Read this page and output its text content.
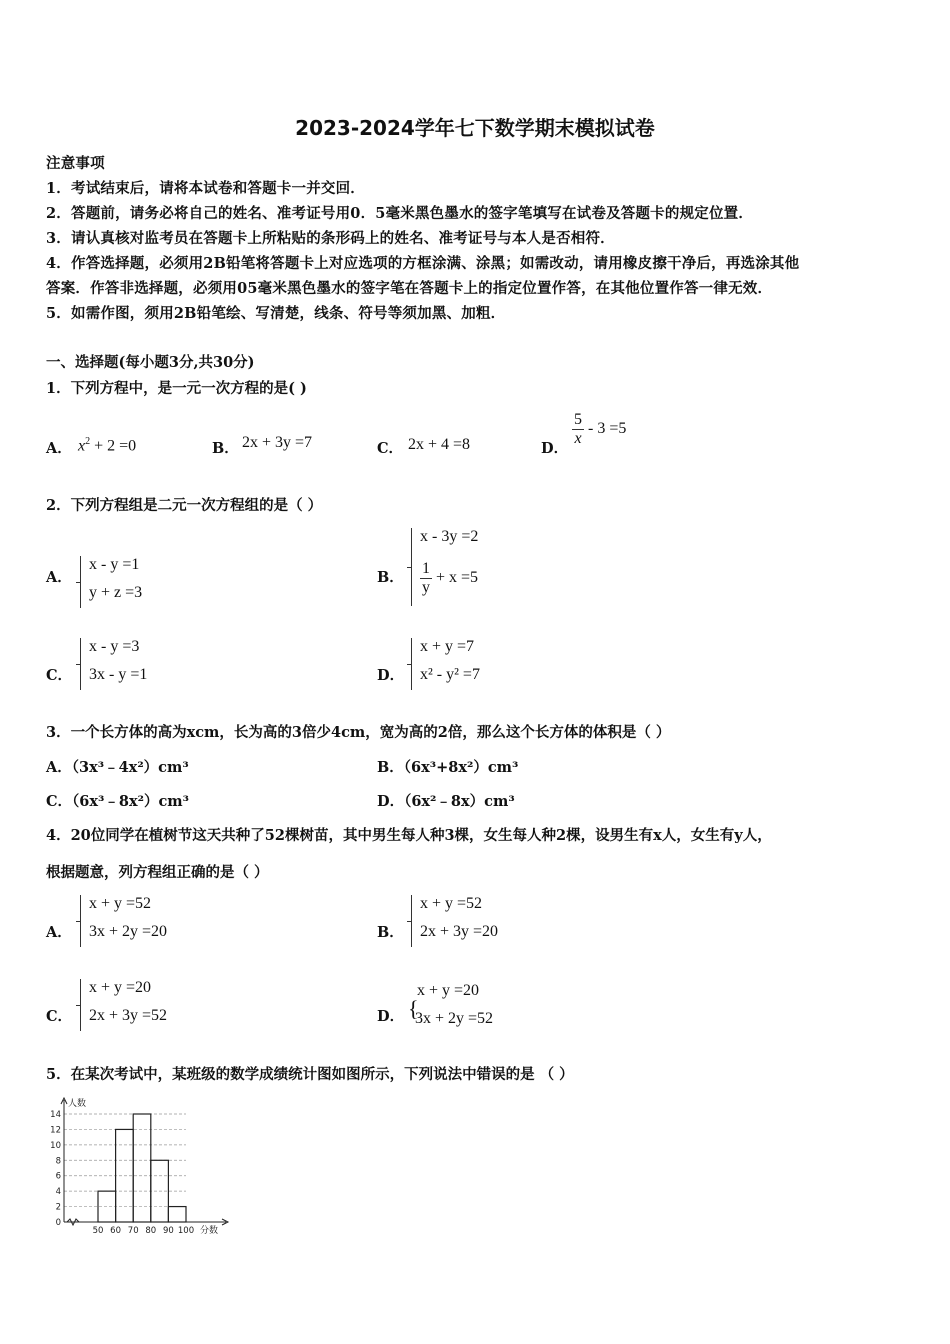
2023-2024学年七下数学期末模拟试卷
注意事项
1．考试结束后，请将本试卷和答题卡一并交回．
2．答题前，请务必将自己的姓名、准考证号用0．5毫米黑色墨水的签字笔填写在试卷及答题卡的规定位置．
3．请认真核对监考员在答题卡上所粘贴的条形码上的姓名、准考证号与本人是否相符．
4．作答选择题，必须用2B铅笔将答题卡上对应选项的方框涂满、涂黑；如需改动，请用橡皮擦干净后，再选涂其他
答案．作答非选择题，必须用05毫米黑色墨水的签字笔在答题卡上的指定位置作答，在其他位置作答一律无效．
5．如需作图，须用2B铅笔绘、写清楚，线条、符号等须加黑、加粗．
一、选择题(每小题3分,共30分)
1．下列方程中，是一元一次方程的是( )
A． $x^2 + 2 =0$	B． 2x + 3y =7	C． 2x + 4 =8	D．
$\frac{5}{x} - 3 =5$
2．下列方程组是二元一次方程组的是（ ）
A．
x - y =1
y + z =3
B．
x - 3y =2
$\frac{1}{y} + x =5$
C．
x - y =3
3x - y =1	D．
x + y =7
x² - y² =7
3．一个长方体的高为xcm，长为高的3倍少4cm，宽为高的2倍，那么这个长方体的体积是（ ）
A．（3x³﹣4x²）cm³	B．（6x³+8x²）cm³
C．（6x³﹣8x²）cm³	D．（6x²﹣8x）cm³
4．20位同学在植树节这天共种了52棵树苗，其中男生每人种3棵，女生每人种2棵，设男生有x人，女生有y人，
根据题意，列方程组正确的是（ ）
A．
x + y =52
3x + 2y =20	B．
x + y =52
2x + 3y =20
C．
x + y =20
2x + 3y =52	D． {
x + y =20
3x + 2y =52
5．在某次考试中，某班级的数学成绩统计图如图所示，下列说法中错误的是 （ ）
0
2
4
6
8
10
12
14
50 60 70 80 90 100
人数
分数
